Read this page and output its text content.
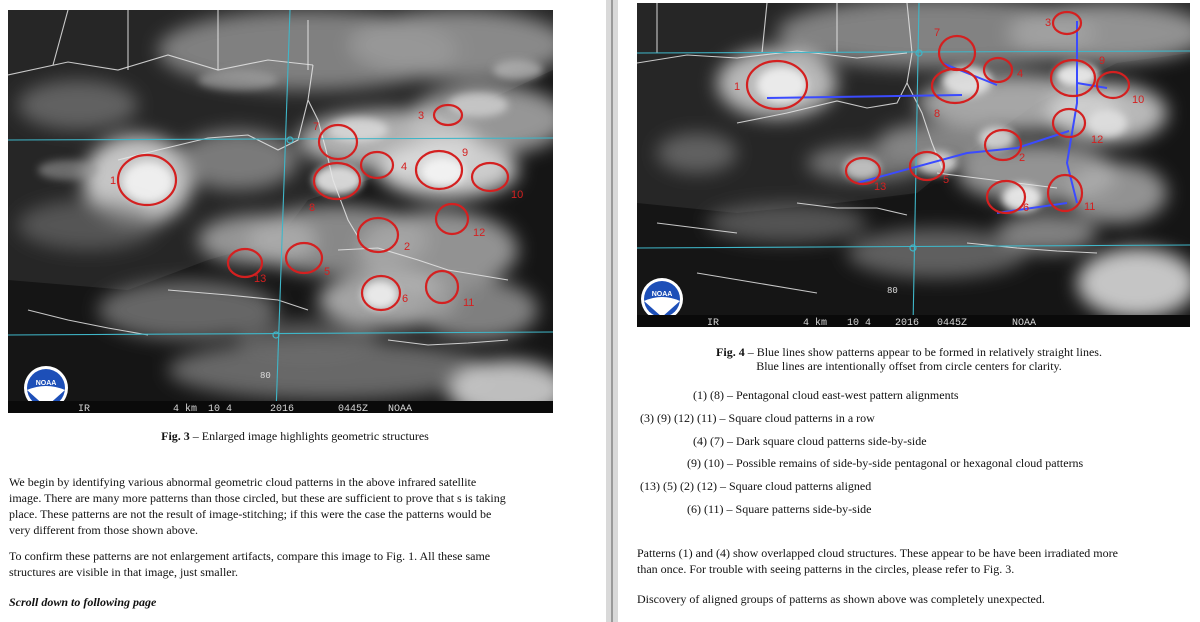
80
1
2
3
4
5
6
7
8
9
10
11
12
13
NOAA
IR	4 km 10 4	2016	0445Z NOAA
Fig. 3 – Enlarged image highlights geometric structures
We begin by identifying various abnormal geometric cloud patterns in the above infrared satellite
image. There are many more patterns than those circled, but these are sufficient to prove that s is taking
place. These patterns are not the result of image-stitching; if this were the case the patterns would be
very different from those shown above.
To confirm these patterns are not enlargement artifacts, compare this image to Fig. 1. All these same
structures are visible in that image, just smaller.
Scroll down to following page
80
1
2
3
4
5
6
7
8
9
10
11
12
13
NOAA
IR	4 km 10 4 2016 0445Z	NOAA
Fig. 4 – Blue lines show patterns appear to be formed in relatively straight lines.
Blue lines are intentionally offset from circle centers for clarity.
(1) (8) – Pentagonal cloud east-west pattern alignments
(3) (9) (12) (11) – Square cloud patterns in a row
(4) (7) – Dark square cloud patterns side-by-side
(9) (10) – Possible remains of side-by-side pentagonal or hexagonal cloud patterns
(13) (5) (2) (12) – Square cloud patterns aligned
(6) (11) – Square patterns side-by-side
Patterns (1) and (4) show overlapped cloud structures. These appear to be have been irradiated more
than once. For trouble with seeing patterns in the circles, please refer to Fig. 3.
Discovery of aligned groups of patterns as shown above was completely unexpected.
